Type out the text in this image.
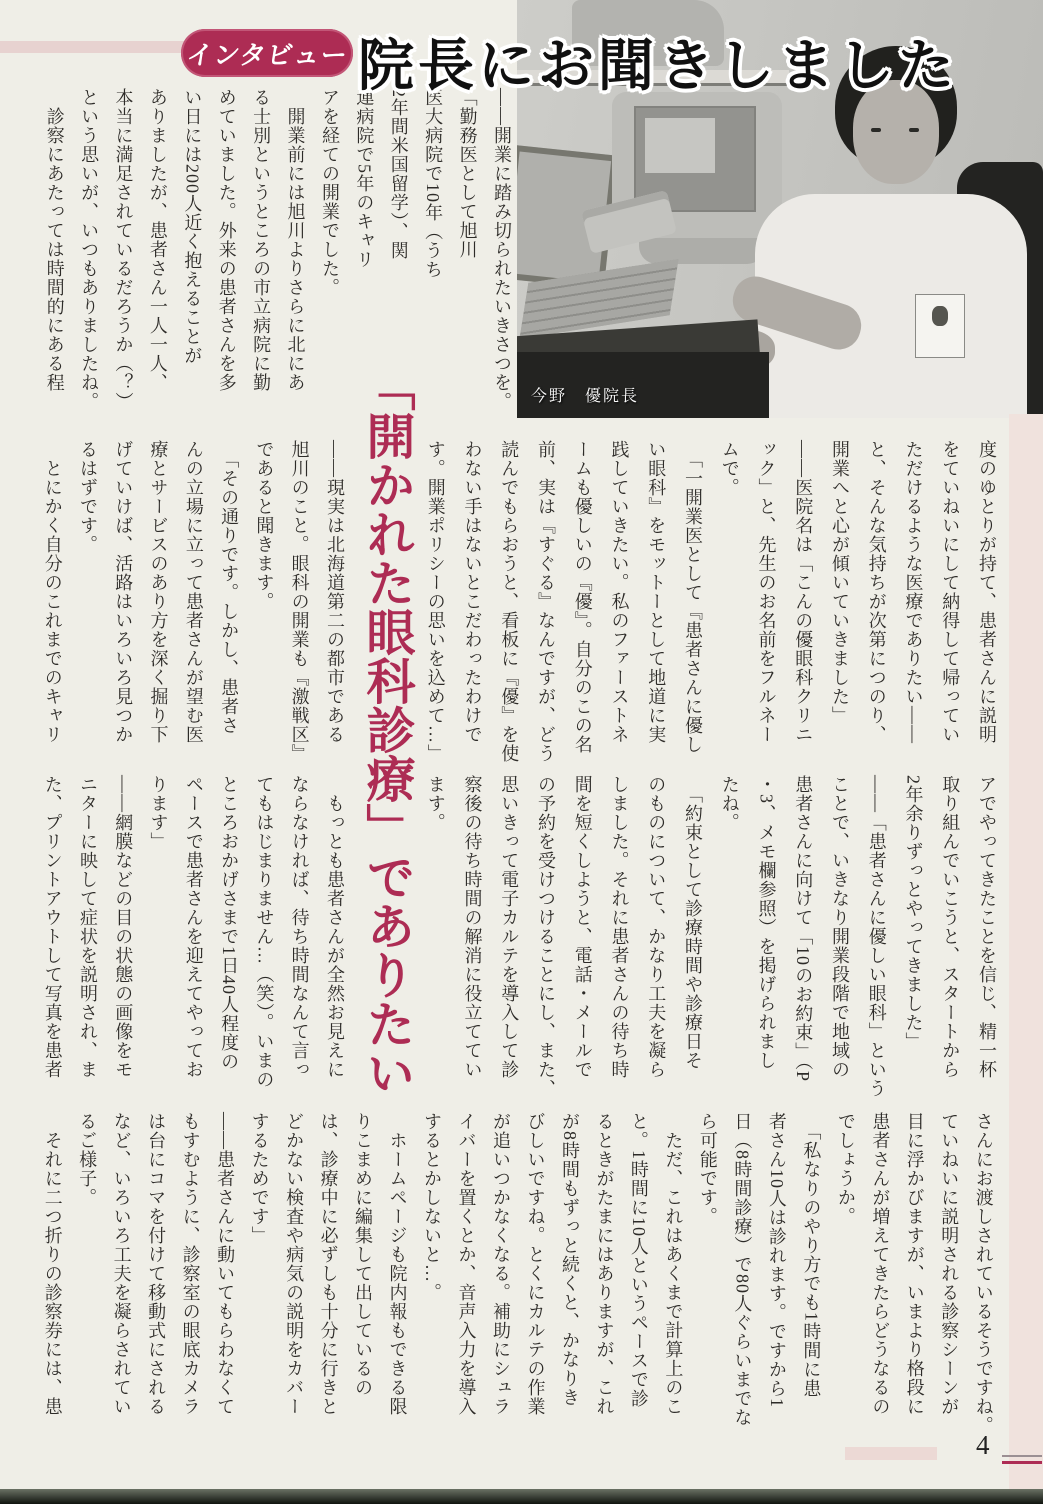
インタビュー 院長にお聞きしました
今野　優院長
――開業に踏み切られたいきさつを。
「勤務医として旭川
医大病院で10年（うち
2年間米国留学）、関
連病院で5年のキャリ
アを経ての開業でした。
　開業前には旭川よりさらに北にあ
る士別というところの市立病院に勤
めていました。外来の患者さんを多
い日には200人近く抱えることが
ありましたが、患者さん一人一人、
本当に満足されているだろうか（？）
という思いが、いつもありましたね。
　診察にあたっては時間的にある程
「開かれた眼科診療」でありたい	度のゆとりが持て、患者さんに説明
をていねいにして納得して帰ってい
ただけるような医療でありたい――
と、そんな気持ちが次第につのり、
開業へと心が傾いていきました」
――医院名は「こんの優眼科クリニ
ック」と、先生のお名前をフルネー
ムで。
　「一開業医として『患者さんに優し
い眼科』をモットーとして地道に実
践していきたい。私のファーストネ
ームも優しいの『優』。自分のこの名
前、実は『すぐる』なんですが、どう
読んでもらおうと、看板に『優』を使
わない手はないとこだわったわけで
す。開業ポリシーの思いを込めて…」
――現実は北海道第二の都市である
旭川のこと。眼科の開業も『激戦区』
であると聞きます。
　「その通りです。しかし、患者さ
んの立場に立って患者さんが望む医
療とサービスのあり方を深く掘り下
げていけば、活路はいろいろ見つか
るはずです。
　とにかく自分のこれまでのキャリ
アでやってきたことを信じ、精一杯
取り組んでいこうと、スタートから
2年余りずっとやってきました」
――「患者さんに優しい眼科」という
ことで、いきなり開業段階で地域の
患者さんに向けて「10のお約束」（P
・3、メモ欄参照）を掲げられまし
たね。
　「約束として診療時間や診療日そ
のものについて、かなり工夫を凝ら
しました。それに患者さんの待ち時
間を短くしようと、電話・メールで
の予約を受けつけることにし、また、
思いきって電子カルテを導入して診
察後の待ち時間の解消に役立ててい
ます。
　もっとも患者さんが全然お見えに
ならなければ、待ち時間なんて言っ
てもはじまりません…（笑）。いまの
ところおかげさまで1日40人程度の
ペースで患者さんを迎えてやってお
ります」
――網膜などの目の状態の画像をモ
ニターに映して症状を説明され、ま
た、プリントアウトして写真を患者
さんにお渡しされているそうですね。
ていねいに説明される診察シーンが
目に浮かびますが、いまより格段に
患者さんが増えてきたらどうなるの
でしょうか。
　「私なりのやり方でも1時間に患
者さん10人は診れます。ですから1
日（8時間診療）で80人ぐらいまでな
ら可能です。
　ただ、これはあくまで計算上のこ
と。1時間に10人というペースで診
るときがたまにはありますが、これ
が8時間もずっと続くと、かなりき
びしいですね。とくにカルテの作業
が追いつかなくなる。補助にシュラ
イバーを置くとか、音声入力を導入
するとかしないと…。
　ホームページも院内報もできる限
りこまめに編集して出しているの
は、診療中に必ずしも十分に行きと
どかない検査や病気の説明をカバー
するためです」
――患者さんに動いてもらわなくて
もすむように、診察室の眼底カメラ
は台にコマを付けて移動式にされる
など、いろいろ工夫を凝らされてい
るご様子。
　それに二つ折りの診察券には、患
4
